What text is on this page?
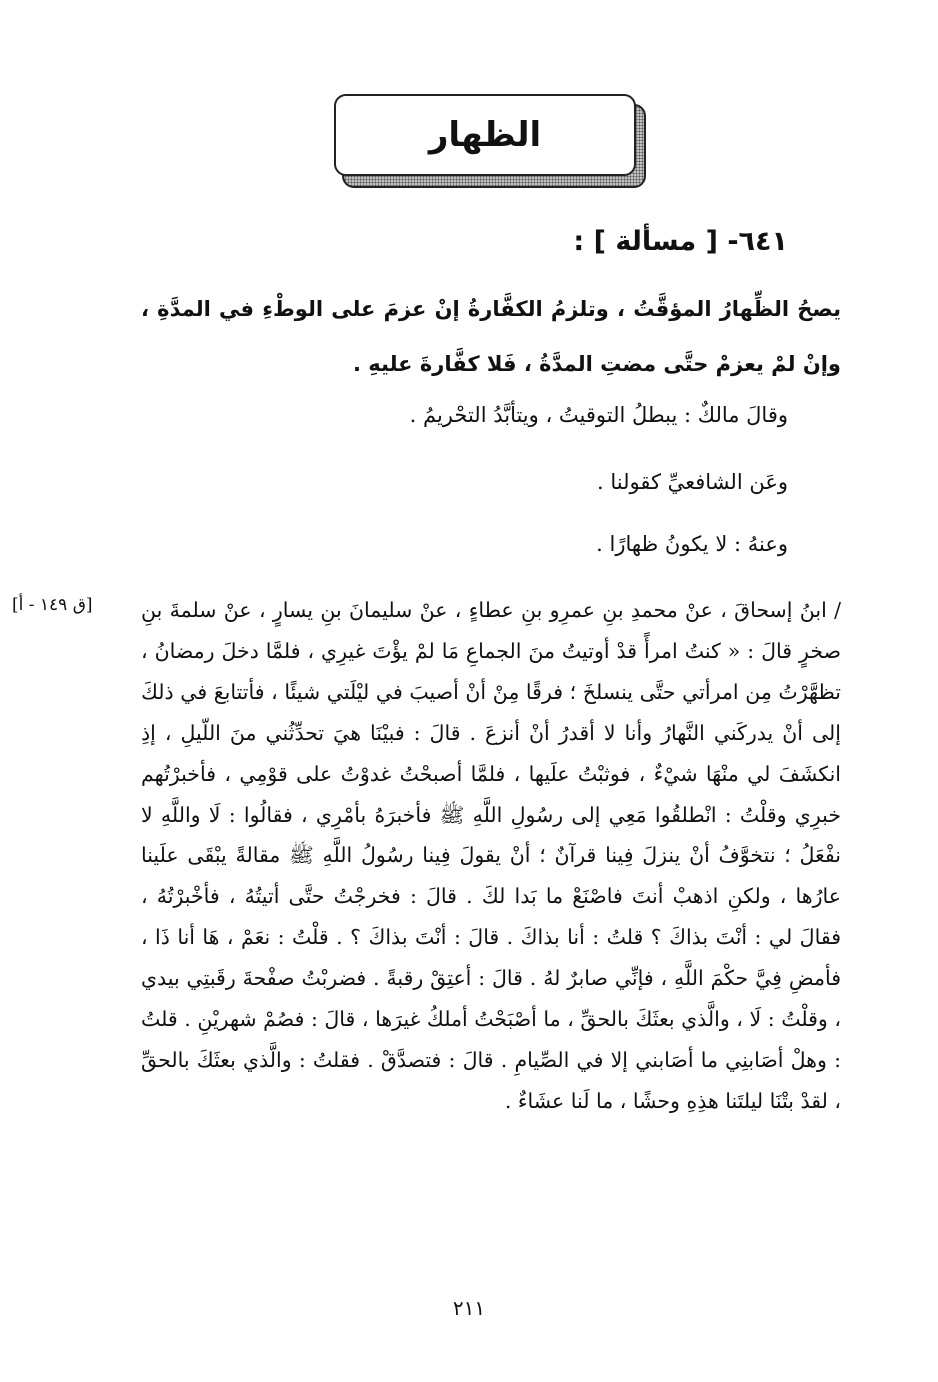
الظهار
٦٤١- [ مسألة ] :
يصحُ الظِّهارُ المؤقَّتُ ، وتلزمُ الكفَّارةُ إنْ عزمَ على الوطْءِ في المدَّةِ ، وإنْ لمْ يعزمْ حتَّى مضتِ المدَّةُ ، فَلا كفَّارةَ عليهِ .
وقالَ مالكٌ : يبطلُ التوقيتُ ، ويتأبَّدُ التحْريمُ .
وعَن الشافعيِّ كقولنا .
وعنهُ : لا يكونُ ظهارًا .
[ق ١٤٩ - أ]	/ ابنُ إسحاقَ ، عنْ محمدِ بنِ عمرِو بنِ عطاءٍ ، عنْ سليمانَ بنِ يسارٍ ، عنْ سلمةَ بنِ صخرٍ قالَ : « كنتُ امرأً قدْ أوتيتُ منَ الجماعِ مَا لمْ يؤْتَ غيرِي ، فلمَّا دخلَ رمضانُ ، تظهَّرْتُ مِن امرأتي حتَّى ينسلخَ ؛ فرقًا مِنْ أنْ أصيبَ في ليْلَتي شيئًا ، فأتتابعَ في ذلكَ إلى أنْ يدركَني النَّهارُ وأنا لا أقدرُ أنْ أنزعَ . قالَ : فبيْنَا هيَ تحدِّثُني منَ اللّيلِ ، إذِ انكشَفَ لي منْهَا شيْءٌ ، فوثبْتُ علَيها ، فلمَّا أصبحْتُ غدوْتُ على قوْمِي ، فأخبرْتُهم خبرِي وقلْتُ : انْطلقُوا مَعِي إلى رسُولِ اللَّهِ ﷺ فأخبرَهُ بأمْرِي ، فقالُوا : لَا واللَّهِ لا نفْعَلُ ؛ نتخوَّفُ أنْ ينزلَ فِينا قرآنٌ ؛ أنْ يقولَ فِينا رسُولُ اللَّهِ ﷺ مقالةً يبْقَى علَينا عارُها ، ولكنِ اذهبْ أنتَ فاصْنَعْ ما بَدا لكَ . قالَ : فخرجْتُ حتَّى أتيتُهُ ، فأخْبرْتُهُ ، فقالَ لي : أنْتَ بذاكَ ؟ قلتُ : أنا بذاكَ . قالَ : أنْتَ بذاكَ ؟ . قلْتُ : نعَمْ ، هَا أنا ذَا ، فأمضِ فِيَّ حكْمَ اللَّهِ ، فإنِّي صابرٌ لهُ . قالَ : أعتِقْ رقبةً . فضربْتُ صفْحةَ رقَبتِي بيدي ، وقلْتُ : لَا ، والَّذي بعثَكَ بالحقِّ ، ما أصْبَحْتُ أملكُ غيرَها ، قالَ : فصُمْ شهريْنِ . قلتُ : وهلْ أصَابنِي ما أصَابني إلا في الصِّيامِ . قالَ : فتصدَّقْ . فقلتُ : والَّذي بعثَكَ بالحقِّ ، لقدْ بتْنَا ليلتَنا هذِهِ وحشًا ، ما لَنا عشَاءٌ .
٢١١
